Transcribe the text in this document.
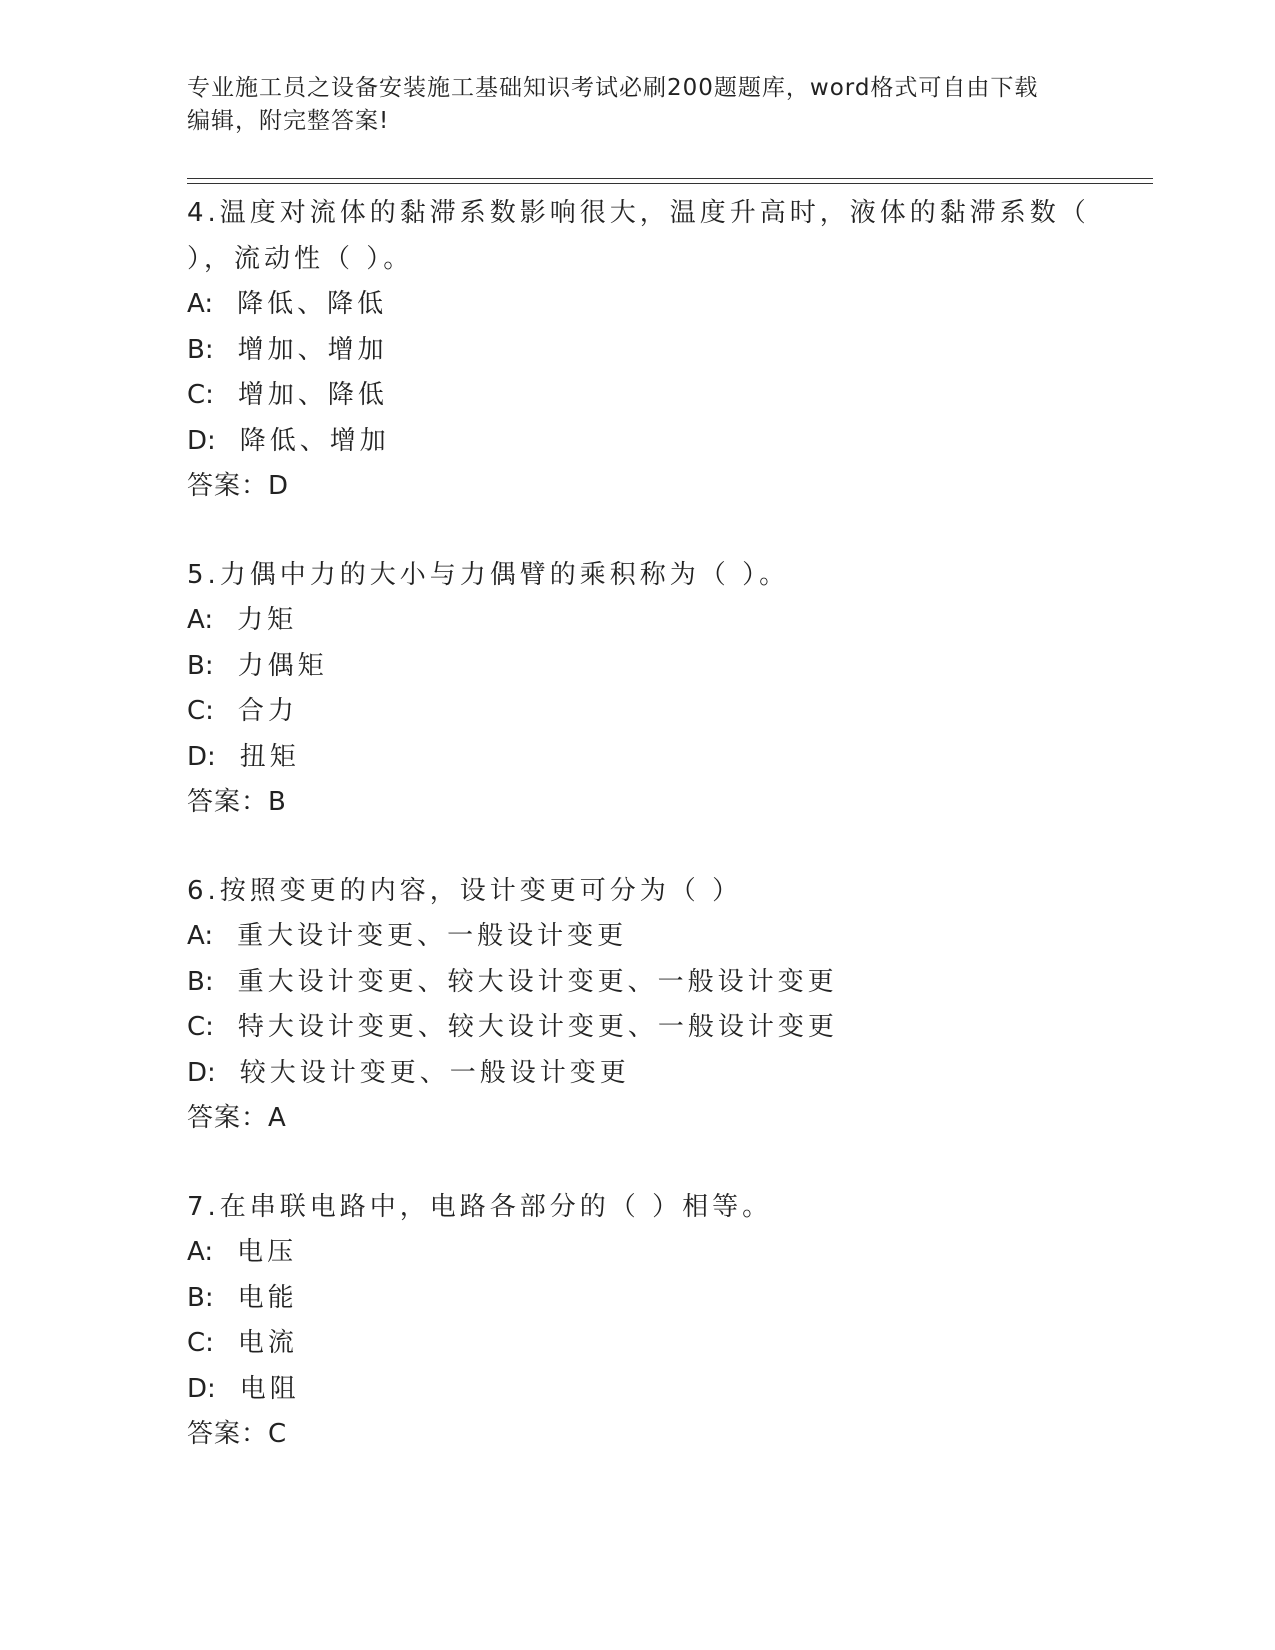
专业施工员之设备安装施工基础知识考试必刷200题题库，word格式可自由下载
编辑，附完整答案!
4.温度对流体的黏滞系数影响很大，温度升高时，液体的黏滞系数（
），流动性（ ）。
A: 降低、降低
B: 增加、增加
C: 增加、降低
D: 降低、增加
答案：D
5.力偶中力的大小与力偶臂的乘积称为（ ）。
A: 力矩
B: 力偶矩
C: 合力
D: 扭矩
答案：B
6.按照变更的内容，设计变更可分为（ ）
A: 重大设计变更、一般设计变更
B: 重大设计变更、较大设计变更、一般设计变更
C: 特大设计变更、较大设计变更、一般设计变更
D: 较大设计变更、一般设计变更
答案：A
7.在串联电路中，电路各部分的（ ）相等。
A: 电压
B: 电能
C: 电流
D: 电阻
答案：C
